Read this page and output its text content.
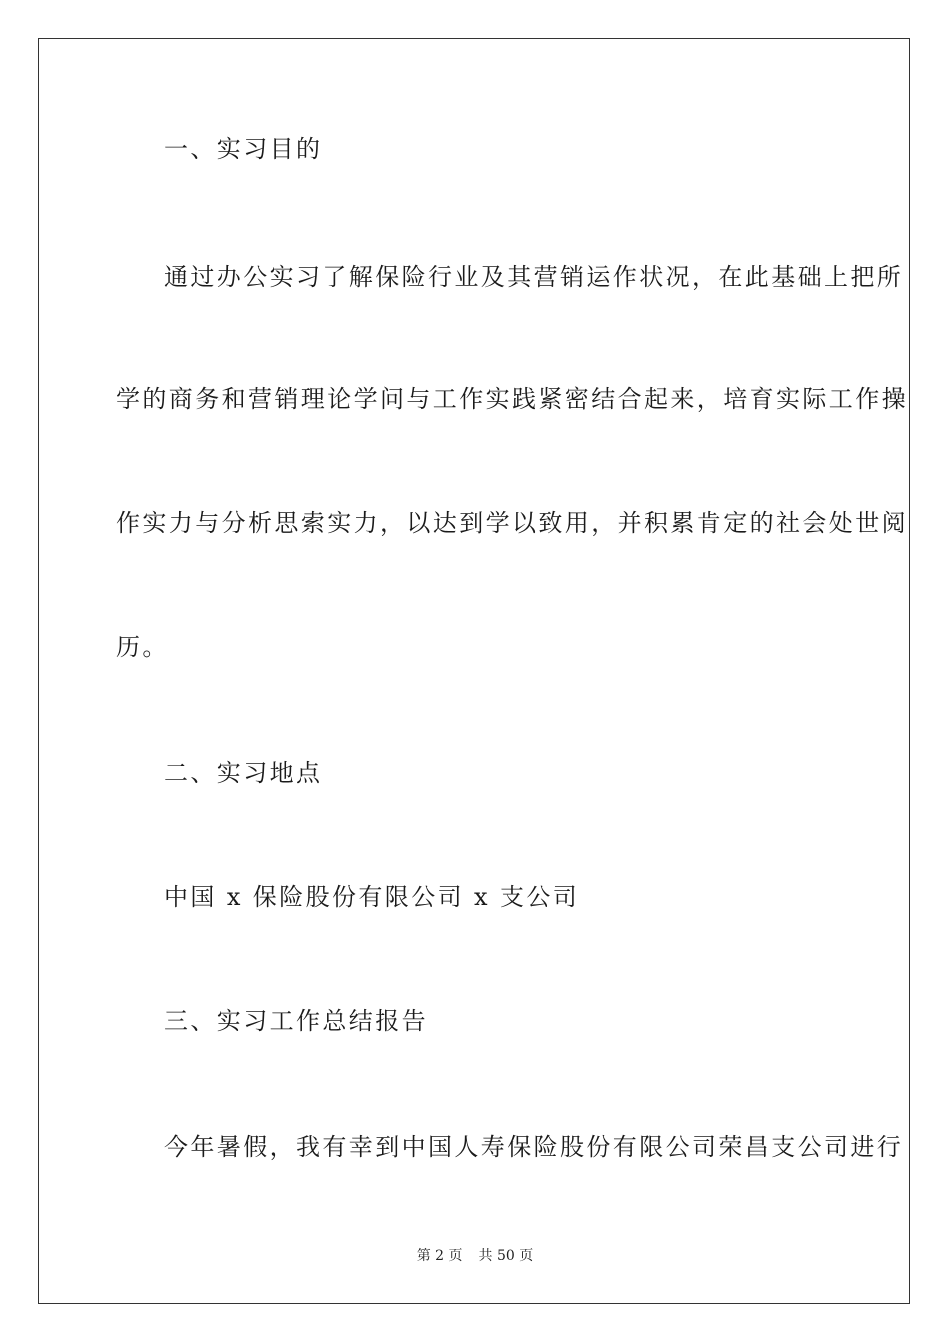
一、实习目的
通过办公实习了解保险行业及其营销运作状况，在此基础上把所
学的商务和营销理论学问与工作实践紧密结合起来，培育实际工作操
作实力与分析思索实力，以达到学以致用，并积累肯定的社会处世阅
历。
二、实习地点
中国 x 保险股份有限公司 x 支公司
三、实习工作总结报告
今年暑假，我有幸到中国人寿保险股份有限公司荣昌支公司进行
第 2 页 共 50 页
